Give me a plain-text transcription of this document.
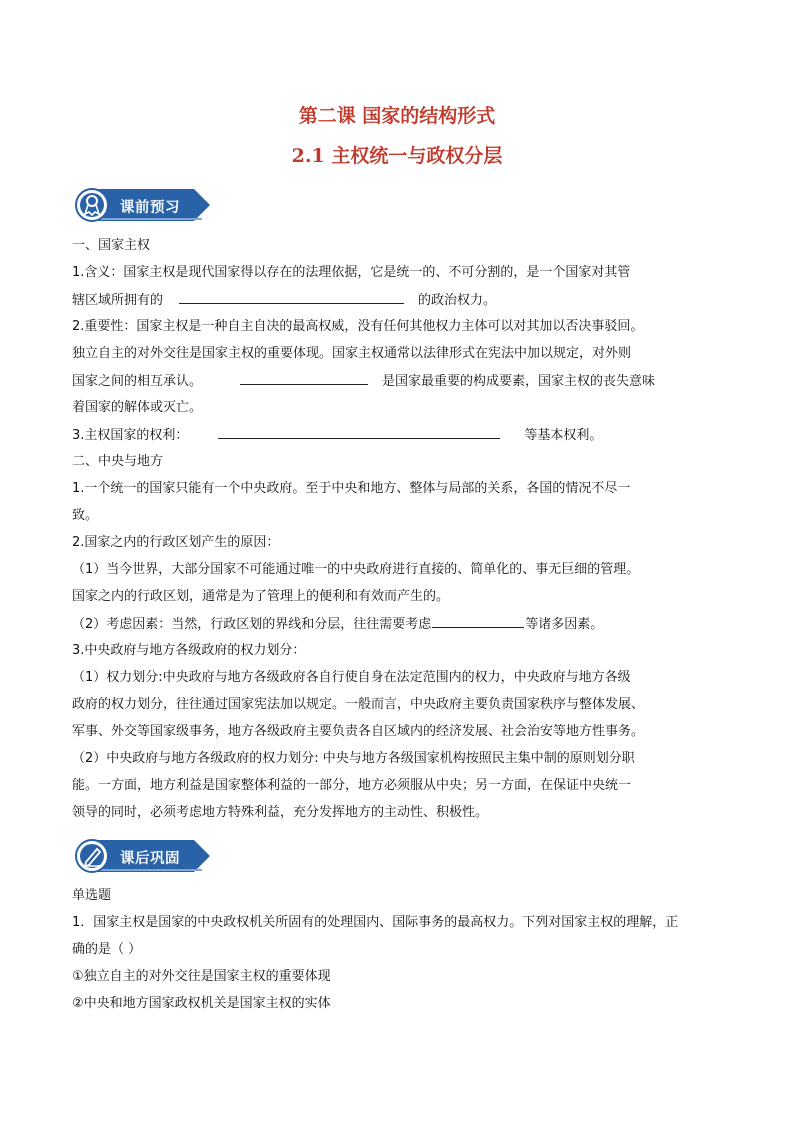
第二课 国家的结构形式
2.1 主权统一与政权分层
课前预习

一、国家主权

1.含义：国家主权是现代国家得以存在的法理依据，它是统一的、不可分割的，是一个国家对其管

辖区域所拥有的	的政治权力。

2.重要性：国家主权是一种自主自决的最高权威，没有任何其他权力主体可以对其加以否决事驳回。

独立自主的对外交往是国家主权的重要体现。国家主权通常以法律形式在宪法中加以规定，对外则

国家之间的相互承认。	是国家最重要的构成要素，国家主权的丧失意味

着国家的解体或灭亡。

3.主权国家的权利：	等基本权利。

二、中央与地方

1.一个统一的国家只能有一个中央政府。至于中央和地方、整体与局部的关系，各国的情况不尽一

致。

2.国家之内的行政区划产生的原因：

（1）当今世界，大部分国家不可能通过唯一的中央政府进行直接的、简单化的、事无巨细的管理。

国家之内的行政区划，通常是为了管理上的便利和有效而产生的。

（2）考虑因素：当然，行政区划的界线和分层，往往需要考虑	等诸多因素。

3.中央政府与地方各级政府的权力划分：

（1）权力划分:中央政府与地方各级政府各自行使自身在法定范围内的权力，中央政府与地方各级

政府的权力划分，往往通过国家宪法加以规定。一般而言，中央政府主要负责国家秩序与整体发展、

军事、外交等国家级事务，地方各级政府主要负责各自区域内的经济发展、社会治安等地方性事务。

（2）中央政府与地方各级政府的权力划分: 中央与地方各级国家机构按照民主集中制的原则划分职

能。一方面，地方利益是国家整体利益的一部分，地方必须服从中央；另一方面，在保证中央统一

领导的同时，必须考虑地方特殊利益，充分发挥地方的主动性、积极性。

课后巩固

单选题

1．国家主权是国家的中央政权机关所固有的处理国内、国际事务的最高权力。下列对国家主权的理解，正

确的是（ ）

①独立自主的对外交往是国家主权的重要体现

②中央和地方国家政权机关是国家主权的实体
